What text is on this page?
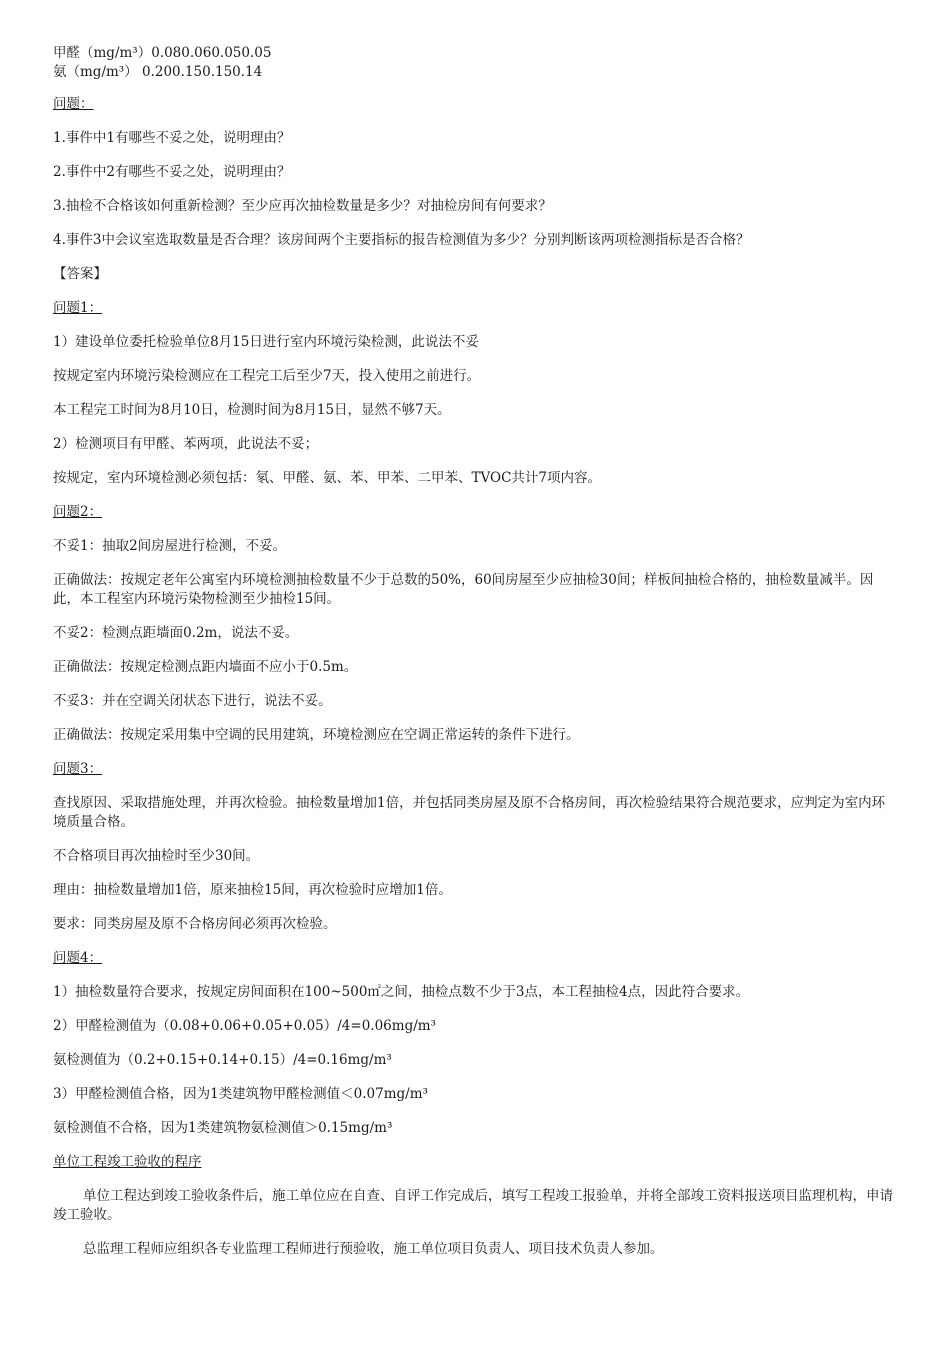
甲醛（mg/m³）0.080.060.050.05
氨（mg/m³） 0.200.150.150.14
问题：
1.事件中1有哪些不妥之处，说明理由？
2.事件中2有哪些不妥之处，说明理由？
3.抽检不合格该如何重新检测？至少应再次抽检数量是多少？对抽检房间有何要求？
4.事件3中会议室选取数量是否合理？该房间两个主要指标的报告检测值为多少？分别判断该两项检测指标是否合格？
【答案】
问题1：
1）建设单位委托检验单位8月15日进行室内环境污染检测，此说法不妥
按规定室内环境污染检测应在工程完工后至少7天，投入使用之前进行。
本工程完工时间为8月10日，检测时间为8月15日，显然不够7天。
2）检测项目有甲醛、苯两项，此说法不妥；
按规定，室内环境检测必须包括：氡、甲醛、氨、苯、甲苯、二甲苯、TVOC共计7项内容。
问题2：
不妥1：抽取2间房屋进行检测，不妥。
正确做法：按规定老年公寓室内环境检测抽检数量不少于总数的50%，60间房屋至少应抽检30间；样板间抽检合格的，抽检数量减半。因此，本工程室内环境污染物检测至少抽检15间。
不妥2：检测点距墙面0.2m，说法不妥。
正确做法：按规定检测点距内墙面不应小于0.5m。
不妥3：并在空调关闭状态下进行，说法不妥。
正确做法：按规定采用集中空调的民用建筑，环境检测应在空调正常运转的条件下进行。
问题3：
查找原因、采取措施处理，并再次检验。抽检数量增加1倍，并包括同类房屋及原不合格房间，再次检验结果符合规范要求，应判定为室内环境质量合格。
不合格项目再次抽检时至少30间。
理由：抽检数量增加1倍，原来抽检15间，再次检验时应增加1倍。
要求：同类房屋及原不合格房间必须再次检验。
问题4：
1）抽检数量符合要求，按规定房间面积在100~500㎡之间，抽检点数不少于3点，本工程抽检4点，因此符合要求。
2）甲醛检测值为（0.08+0.06+0.05+0.05）/4=0.06mg/m³
氨检测值为（0.2+0.15+0.14+0.15）/4=0.16mg/m³
3）甲醛检测值合格，因为1类建筑物甲醛检测值＜0.07mg/m³
氨检测值不合格，因为1类建筑物氨检测值＞0.15mg/m³
单位工程竣工验收的程序
单位工程达到竣工验收条件后，施工单位应在自查、自评工作完成后，填写工程竣工报验单，并将全部竣工资料报送项目监理机构，申请竣工验收。
总监理工程师应组织各专业监理工程师进行预验收，施工单位项目负责人、项目技术负责人参加。
